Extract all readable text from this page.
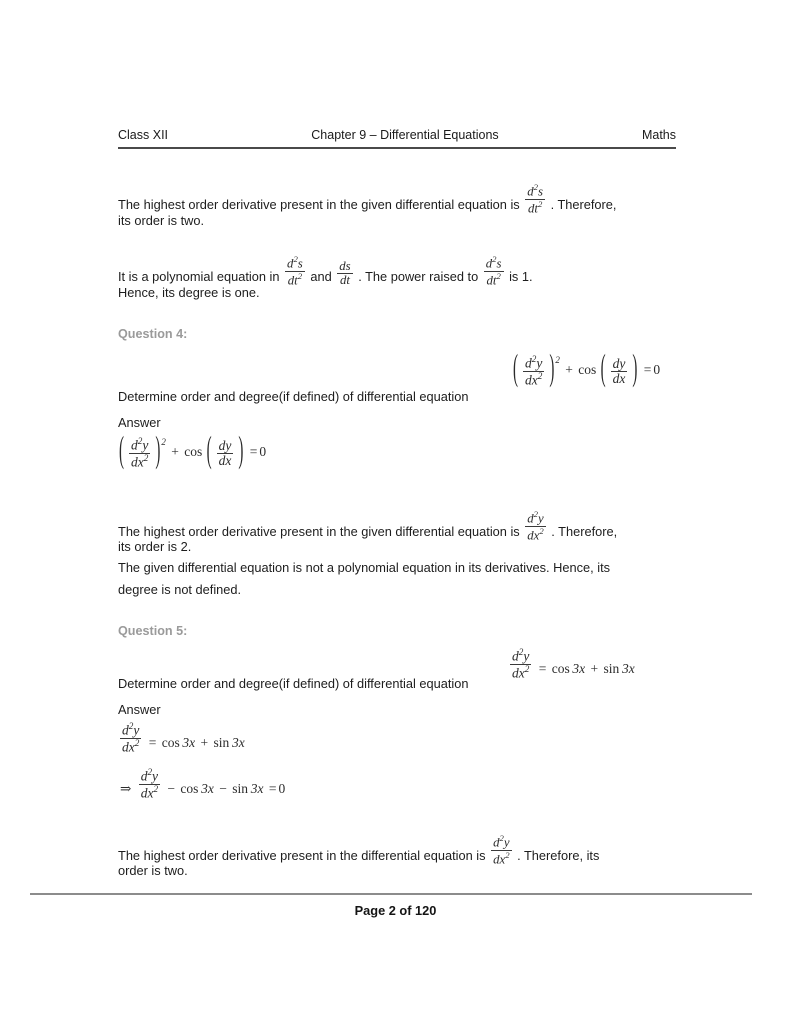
Class XII	Chapter 9 – Differential Equations	Maths
The highest order derivative present in the given differential equation is $\frac{d^2s}{dt^2}$ . Therefore,
its order is two.
It is a polynomial equation in $\frac{d^2s}{dt^2}$ and $\frac{ds}{dt}$ . The power raised to $\frac{d^2s}{dt^2}$ is 1.
Hence, its degree is one.
Question 4:
Determine order and degree(if defined) of differential equation
( $\frac{d^2y}{dx^2}$
) $^2$ + cos ( $\frac{dy}{dx}$
) = 0
Answer
( $\frac{d^2y}{dx^2}$
) $^2$ + cos ( $\frac{dy}{dx}$
) = 0
The highest order derivative present in the given differential equation is $\frac{d^2y}{dx^2}$ . Therefore,
its order is 2.
The given differential equation is not a polynomial equation in its derivatives. Hence, its
degree is not defined.
Question 5:
Determine order and degree(if defined) of differential equation
$\frac{d^2y}{dx^2} = \cos 3x + \sin 3x$
Answer
$\frac{d^2y}{dx^2} = \cos 3x + \sin 3x$
⇒ $\frac{d^2y}{dx^2} - \cos 3x - \sin 3x = 0$
The highest order derivative present in the differential equation is $\frac{d^2y}{dx^2}$ . Therefore, its
order is two.
Page 2 of 120
